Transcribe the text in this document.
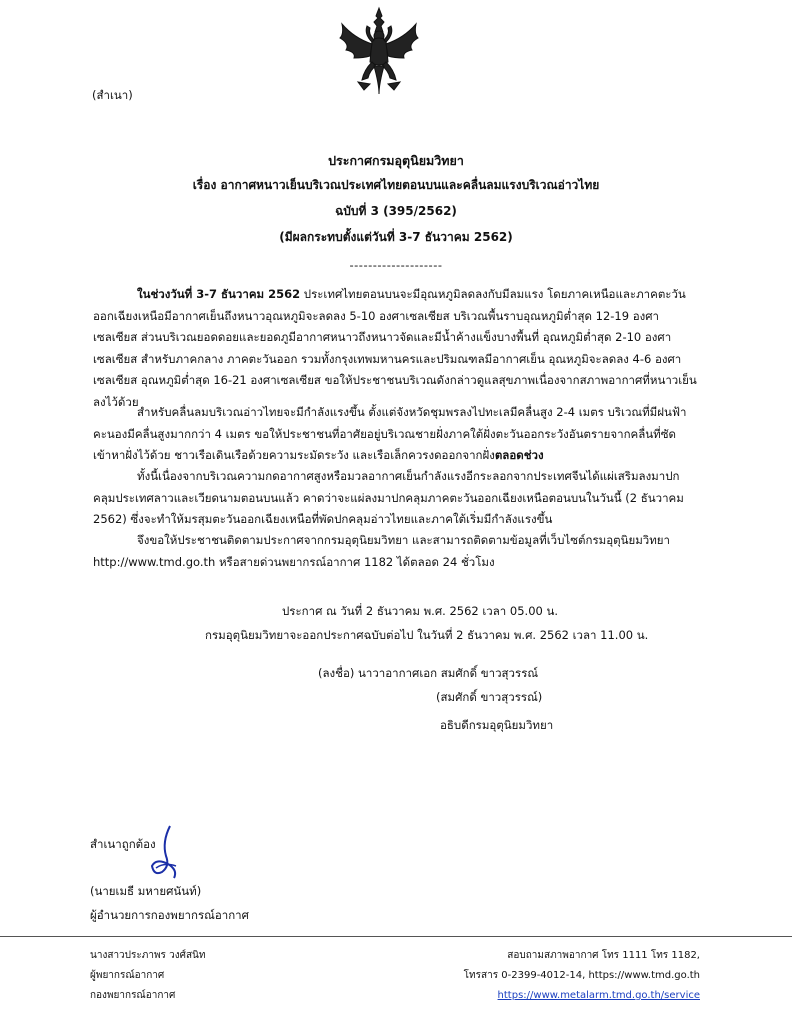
(สำเนา)
ประกาศกรมอุตุนิยมวิทยา
เรื่อง อากาศหนาวเย็นบริเวณประเทศไทยตอนบนและคลื่นลมแรงบริเวณอ่าวไทย
ฉบับที่ 3 (395/2562)
(มีผลกระทบตั้งแต่วันที่ 3-7 ธันวาคม 2562)
--------------------
ในช่วงวันที่ 3-7 ธันวาคม 2562 ประเทศไทยตอนบนจะมีอุณหภูมิลดลงกับมีลมแรง โดยภาคเหนือและภาคตะวันออกเฉียงเหนือมีอากาศเย็นถึงหนาวอุณหภูมิจะลดลง 5-10 องศาเซลเซียส บริเวณพื้นราบอุณหภูมิต่ำสุด 12-19 องศาเซลเซียส ส่วนบริเวณยอดดอยและยอดภูมีอากาศหนาวถึงหนาวจัดและมีน้ำค้างแข็งบางพื้นที่ อุณหภูมิต่ำสุด 2-10 องศาเซลเซียส สำหรับภาคกลาง ภาคตะวันออก รวมทั้งกรุงเทพมหานครและปริมณฑลมีอากาศเย็น อุณหภูมิจะลดลง 4-6 องศาเซลเซียส อุณหภูมิต่ำสุด 16-21 องศาเซลเซียส ขอให้ประชาชนบริเวณดังกล่าวดูแลสุขภาพเนื่องจากสภาพอากาศที่หนาวเย็นลงไว้ด้วย
สำหรับคลื่นลมบริเวณอ่าวไทยจะมีกำลังแรงขึ้น ตั้งแต่จังหวัดชุมพรลงไปทะเลมีคลื่นสูง 2-4 เมตร บริเวณที่มีฝนฟ้าคะนองมีคลื่นสูงมากกว่า 4 เมตร ขอให้ประชาชนที่อาศัยอยู่บริเวณชายฝั่งภาคใต้ฝั่งตะวันออกระวังอันตรายจากคลื่นที่ซัดเข้าหาฝั่งไว้ด้วย ชาวเรือเดินเรือด้วยความระมัดระวัง และเรือเล็กควรงดออกจากฝั่งตลอดช่วง
ทั้งนี้เนื่องจากบริเวณความกดอากาศสูงหรือมวลอากาศเย็นกำลังแรงอีกระลอกจากประเทศจีนได้แผ่เสริมลงมาปกคลุมประเทศลาวและเวียดนามตอนบนแล้ว คาดว่าจะแผ่ลงมาปกคลุมภาคตะวันออกเฉียงเหนือตอนบนในวันนี้ (2 ธันวาคม 2562) ซึ่งจะทำให้มรสุมตะวันออกเฉียงเหนือที่พัดปกคลุมอ่าวไทยและภาคใต้เริ่มมีกำลังแรงขึ้น
จึงขอให้ประชาชนติดตามประกาศจากกรมอุตุนิยมวิทยา และสามารถติดตามข้อมูลที่เว็บไซต์กรมอุตุนิยมวิทยา http://www.tmd.go.th หรือสายด่วนพยากรณ์อากาศ 1182 ได้ตลอด 24 ชั่วโมง
ประกาศ ณ วันที่ 2 ธันวาคม พ.ศ. 2562 เวลา 05.00 น.
กรมอุตุนิยมวิทยาจะออกประกาศฉบับต่อไป ในวันที่ 2 ธันวาคม พ.ศ. 2562 เวลา 11.00 น.
(ลงชื่อ) นาวาอากาศเอก สมศักดิ์ ขาวสุวรรณ์
(สมศักดิ์ ขาวสุวรรณ์)
อธิบดีกรมอุตุนิยมวิทยา
สำเนาถูกต้อง
(นายเมธี มหายศนันท์)
ผู้อำนวยการกองพยากรณ์อากาศ
นางสาวประภาพร วงศ์สนิท
ผู้พยากรณ์อากาศ
กองพยากรณ์อากาศ
สอบถามสภาพอากาศ โทร 1111 โทร 1182,
โทรสาร 0-2399-4012-14, https://www.tmd.go.th
https://www.metalarm.tmd.go.th/service
